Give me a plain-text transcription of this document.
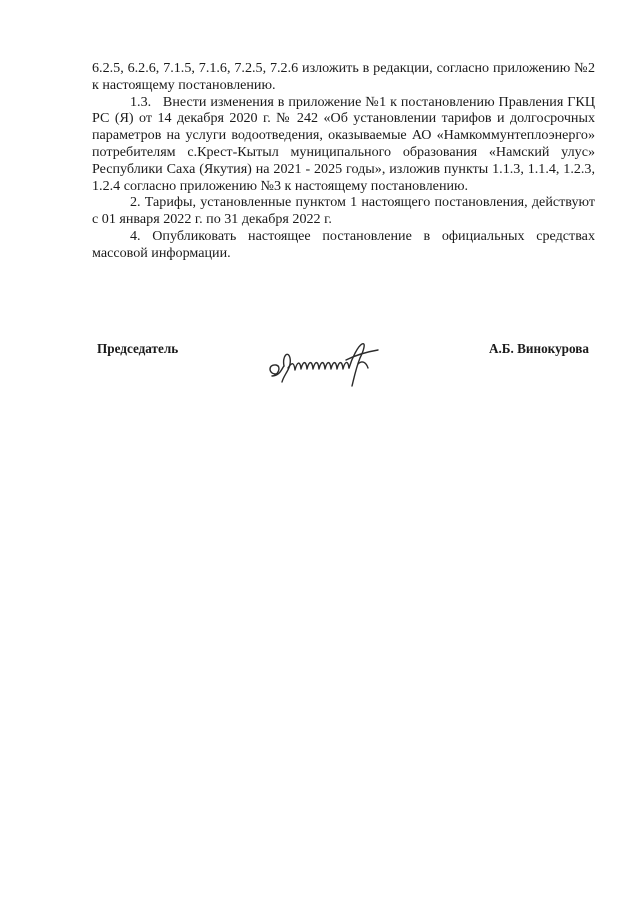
6.2.5, 6.2.6, 7.1.5, 7.1.6, 7.2.5, 7.2.6 изложить в редакции, согласно приложению №2 к настоящему постановлению.

1.3.   Внести изменения в приложение №1 к постановлению Правления ГКЦ РС (Я) от 14 декабря 2020 г. № 242 «Об установлении тарифов и долгосрочных параметров на услуги водоотведения, оказываемые АО «Намкоммунтеплоэнерго» потребителям с.Крест-Кытыл муниципального образования «Намский улус» Республики Саха (Якутия) на 2021 - 2025 годы», изложив пункты 1.1.3, 1.1.4, 1.2.3, 1.2.4 согласно приложению №3 к настоящему постановлению.

2. Тарифы, установленные пунктом 1 настоящего постановления, действуют с 01 января 2022 г. по 31 декабря 2022 г.

4. Опубликовать настоящее постановление в официальных средствах массовой информации.

Председатель	А.Б. Винокурова
